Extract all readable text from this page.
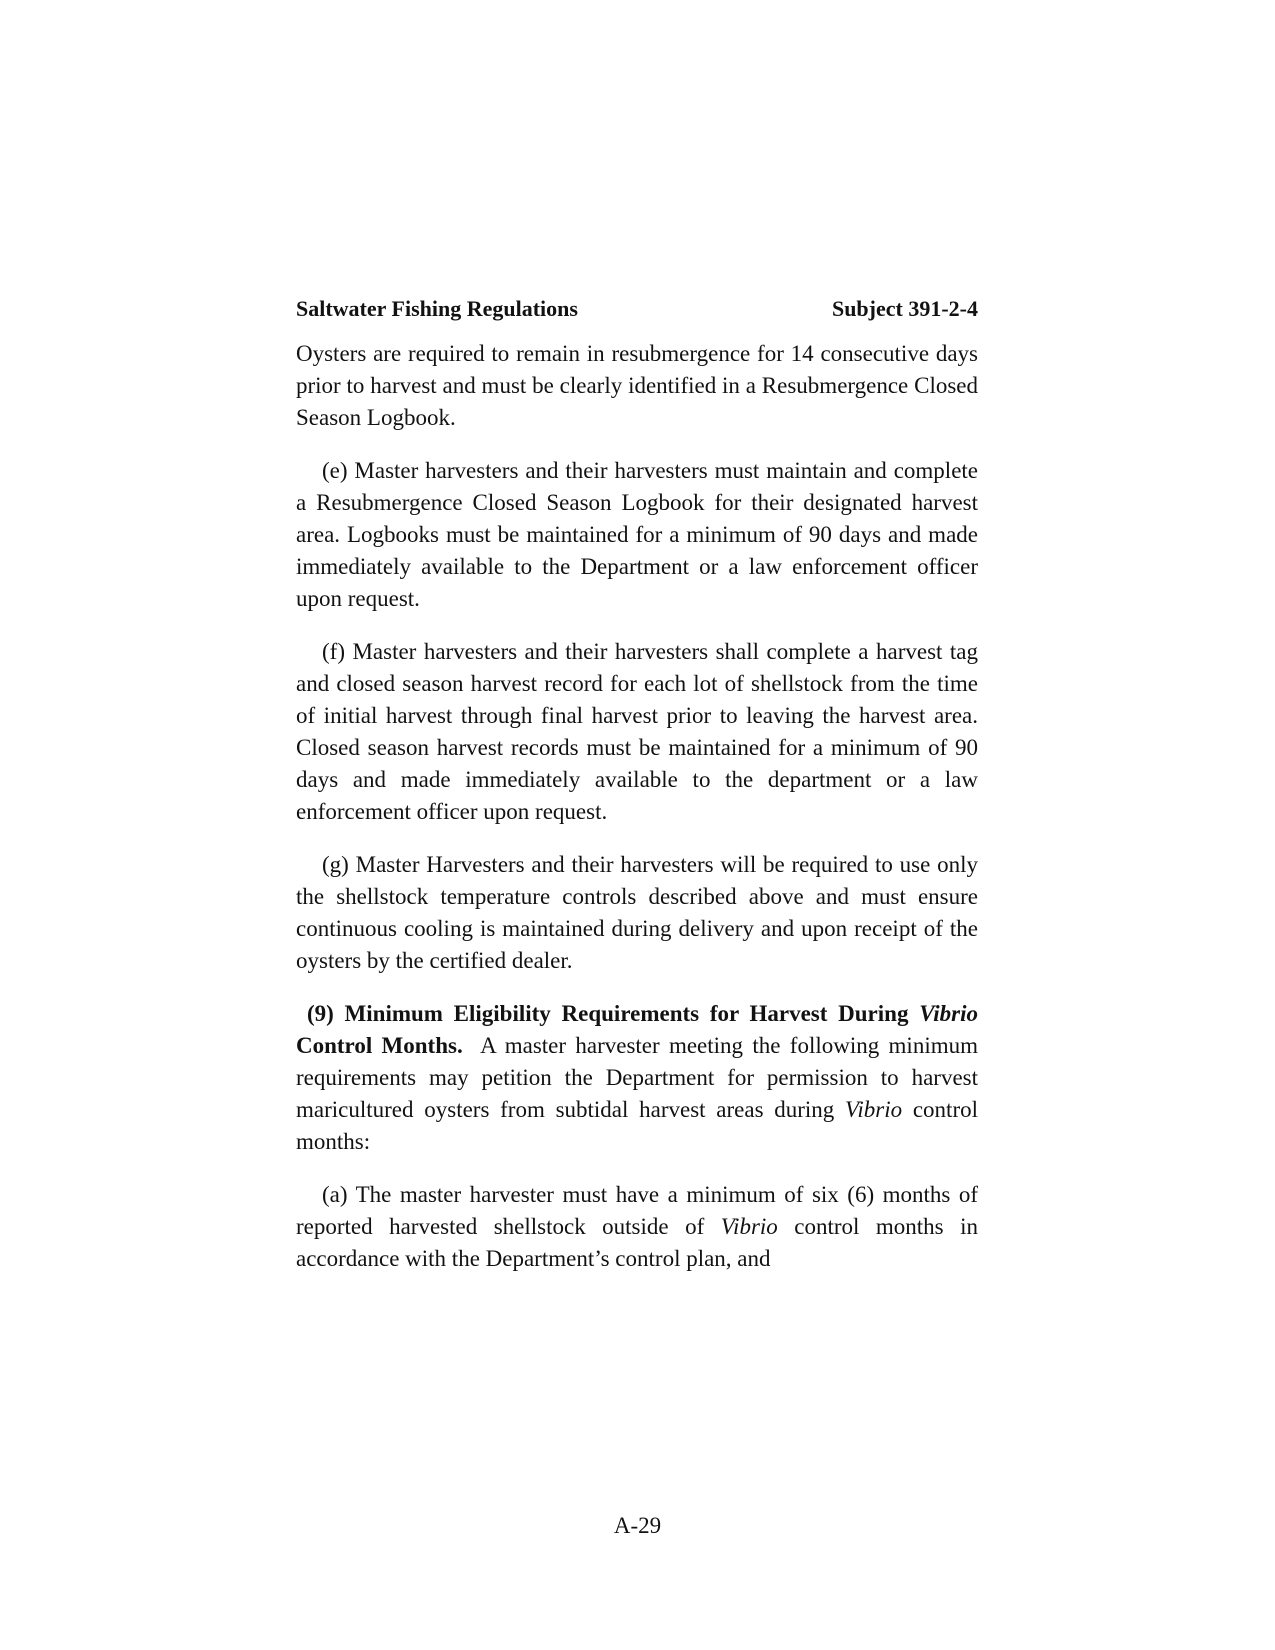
Saltwater Fishing Regulations	Subject 391-2-4

Oysters are required to remain in resubmergence for 14 consecutive days prior to harvest and must be clearly identified in a Resubmergence Closed Season Logbook.

(e) Master harvesters and their harvesters must maintain and complete a Resubmergence Closed Season Logbook for their designated harvest area. Logbooks must be maintained for a minimum of 90 days and made immediately available to the Department or a law enforcement officer upon request.

(f) Master harvesters and their harvesters shall complete a harvest tag and closed season harvest record for each lot of shellstock from the time of initial harvest through final harvest prior to leaving the harvest area. Closed season harvest records must be maintained for a minimum of 90 days and made immediately available to the department or a law enforcement officer upon request.

(g) Master Harvesters and their harvesters will be required to use only the shellstock temperature controls described above and must ensure continuous cooling is maintained during delivery and upon receipt of the oysters by the certified dealer.

(9) Minimum Eligibility Requirements for Harvest During Vibrio Control Months.  A master harvester meeting the following minimum requirements may petition the Department for permission to harvest maricultured oysters from subtidal harvest areas during Vibrio control months:

(a) The master harvester must have a minimum of six (6) months of reported harvested shellstock outside of Vibrio control months in accordance with the Department’s control plan, and

A-29
